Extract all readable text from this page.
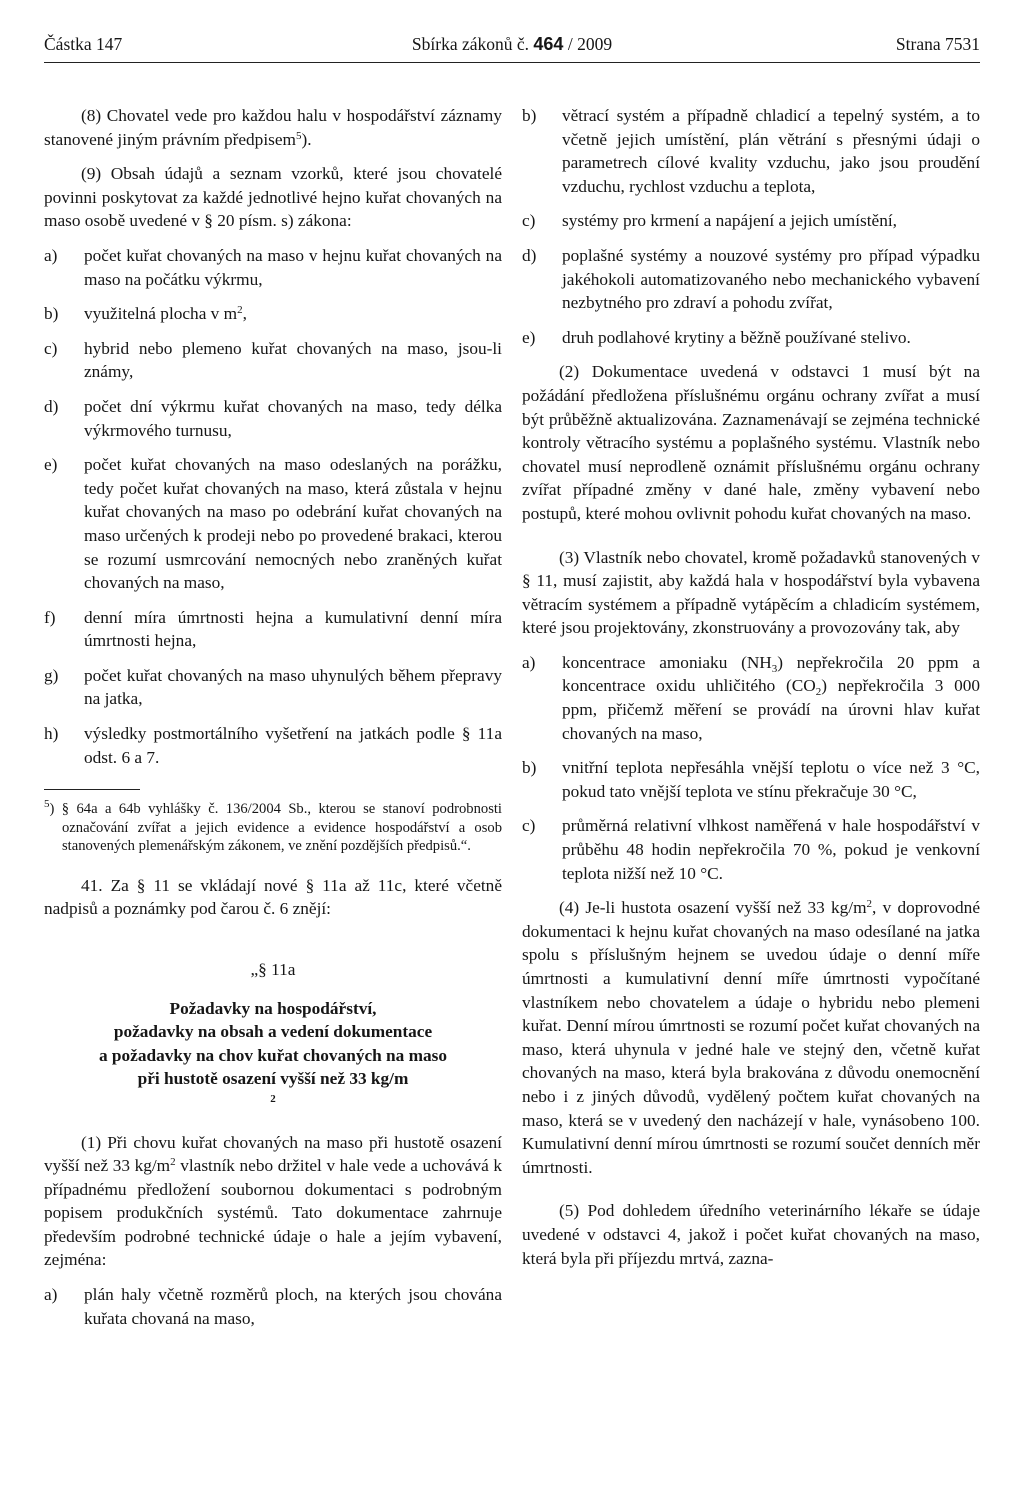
Částka 147	Sbírka zákonů č. 464 / 2009	Strana 7531

(8) Chovatel vede pro každou halu v hospodářství záznamy stanovené jiným právním předpisem$^5$).

(9) Obsah údajů a seznam vzorků, které jsou chovatelé povinni poskytovat za každé jednotlivé hejno kuřat chovaných na maso osobě uvedené v § 20 písm. s) zákona:

a)	počet kuřat chovaných na maso v hejnu kuřat chovaných na maso na počátku výkrmu,
b)	využitelná plocha v $m^2$,
c)	hybrid nebo plemeno kuřat chovaných na maso, jsou-li známy,
d)	počet dní výkrmu kuřat chovaných na maso, tedy délka výkrmového turnusu,
e)	počet kuřat chovaných na maso odeslaných na porážku, tedy počet kuřat chovaných na maso, která zůstala v hejnu kuřat chovaných na maso po odebrání kuřat chovaných na maso určených k prodeji nebo po provedené brakaci, kterou se rozumí usmrcování nemocných nebo zraněných kuřat chovaných na maso,
f)	denní míra úmrtnosti hejna a kumulativní denní míra úmrtnosti hejna,
g)	počet kuřat chovaných na maso uhynulých během přepravy na jatka,
h)	výsledky postmortálního vyšetření na jatkách podle § 11a odst. 6 a 7.

$^5$) § 64a a 64b vyhlášky č. 136/2004 Sb., kterou se stanoví podrobnosti označování zvířat a jejich evidence a evidence hospodářství a osob stanovených plemenářským zákonem, ve znění pozdějších předpisů.“.

41. Za § 11 se vkládají nové § 11a až 11c, které včetně nadpisů a poznámky pod čarou č. 6 znějí:

„§ 11a

Požadavky na hospodářství,
požadavky na obsah a vedení dokumentace
a požadavky na chov kuřat chovaných na maso
při hustotě osazení vyšší než 33 kg/m
$^2$

(1) Při chovu kuřat chovaných na maso při hustotě osazení vyšší než 33 $kg/m^2$ vlastník nebo držitel v hale vede a uchovává k případnému předložení soubornou dokumentaci s podrobným popisem produkčních systémů. Tato dokumentace zahrnuje především podrobné technické údaje o hale a jejím vybavení, zejména:

a)	plán haly včetně rozměrů ploch, na kterých jsou chována kuřata chovaná na maso,
b)	větrací systém a případně chladicí a tepelný systém, a to včetně jejich umístění, plán větrání s přesnými údaji o parametrech cílové kvality vzduchu, jako jsou proudění vzduchu, rychlost vzduchu a teplota,
c)	systémy pro krmení a napájení a jejich umístění,
d)	poplašné systémy a nouzové systémy pro případ výpadku jakéhokoli automatizovaného nebo mechanického vybavení nezbytného pro zdraví a pohodu zvířat,
e)	druh podlahové krytiny a běžně používané stelivo.

(2) Dokumentace uvedená v odstavci 1 musí být na požádání předložena příslušnému orgánu ochrany zvířat a musí být průběžně aktualizována. Zaznamenávají se zejména technické kontroly větracího systému a poplašného systému. Vlastník nebo chovatel musí neprodleně oznámit příslušnému orgánu ochrany zvířat případné změny v dané hale, změny vybavení nebo postupů, které mohou ovlivnit pohodu kuřat chovaných na maso.

(3) Vlastník nebo chovatel, kromě požadavků stanovených v § 11, musí zajistit, aby každá hala v hospodářství byla vybavena větracím systémem a případně vytápěcím a chladicím systémem, které jsou projektovány, zkonstruovány a provozovány tak, aby

a)	koncentrace amoniaku $(NH_3)$ nepřekročila 20 ppm a koncentrace oxidu uhličitého $(CO_2)$ nepřekročila 3 000 ppm, přičemž měření se provádí na úrovni hlav kuřat chovaných na maso,
b)	vnitřní teplota nepřesáhla vnější teplotu o více než 3 °C, pokud tato vnější teplota ve stínu překračuje 30 °C,
c)	průměrná relativní vlhkost naměřená v hale hospodářství v průběhu 48 hodin nepřekročila 70 %, pokud je venkovní teplota nižší než 10 °C.

(4) Je-li hustota osazení vyšší než 33 $kg/m^2$, v doprovodné dokumentaci k hejnu kuřat chovaných na maso odesílané na jatka spolu s příslušným hejnem se uvedou údaje o denní míře úmrtnosti a kumulativní denní míře úmrtnosti vypočítané vlastníkem nebo chovatelem a údaje o hybridu nebo plemeni kuřat. Denní mírou úmrtnosti se rozumí počet kuřat chovaných na maso, která uhynula v jedné hale ve stejný den, včetně kuřat chovaných na maso, která byla brakována z důvodu onemocnění nebo i z jiných důvodů, vydělený počtem kuřat chovaných na maso, která se v uvedený den nacházejí v hale, vynásobeno 100. Kumulativní denní mírou úmrtnosti se rozumí součet denních měr úmrtnosti.

(5) Pod dohledem úředního veterinárního lékaře se údaje uvedené v odstavci 4, jakož i počet kuřat chovaných na maso, která byla při příjezdu mrtvá, zazna-
